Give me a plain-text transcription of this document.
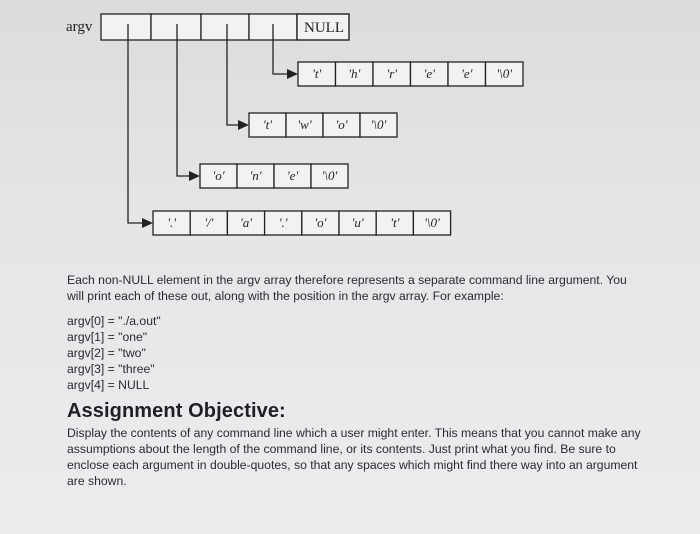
argv	NULL
'.' '/' 'a' '.' 'o' 'u' 't' '\0'
'o' 'n' 'e' '\0'
't' 'w' 'o' '\0'
't' 'h' 'r' 'e' 'e' '\0'

Each non-NULL element in the argv array therefore represents a separate command line argument. You will print each of these out, along with the position in the argv array. For example:

argv[0] = "./a.out"
argv[1] = "one"
argv[2] = "two"
argv[3] = "three"
argv[4] = NULL
Assignment Objective:

Display the contents of any command line which a user might enter. This means that you cannot make any assumptions about the length of the command line, or its contents. Just print what you find. Be sure to enclose each argument in double-quotes, so that any spaces which might find there way into an argument are shown.
